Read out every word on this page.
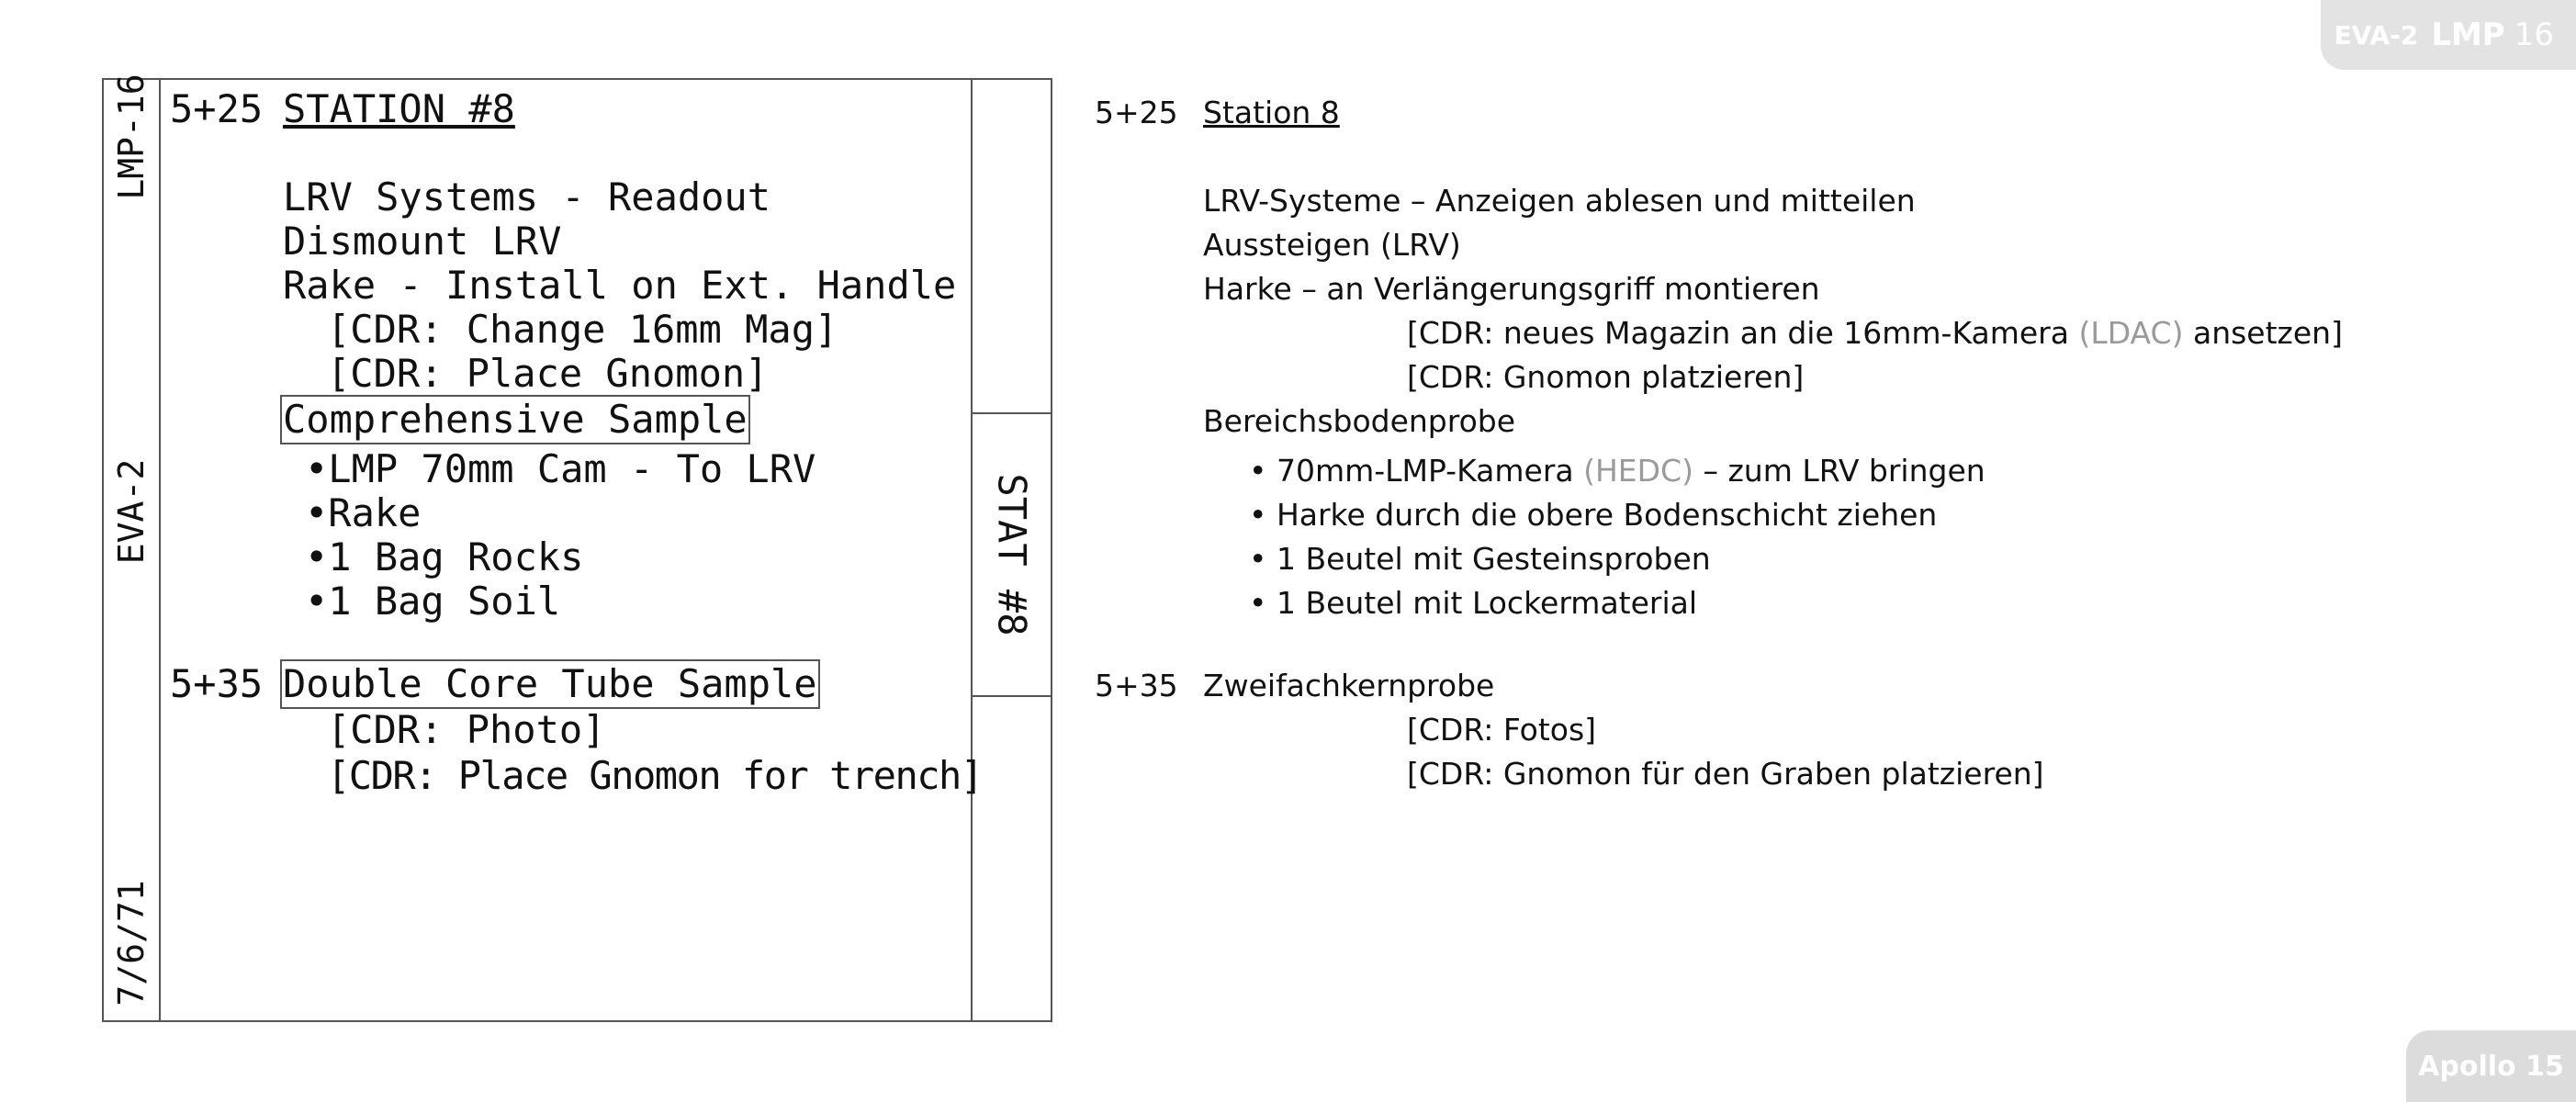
EVA-2 LMP 16
LMP-16
EVA-2
7/6/71
STAT #8
5+25 STATION #8
LRV Systems - Readout
Dismount LRV
Rake - Install on Ext. Handle
[CDR: Change 16mm Mag]
[CDR: Place Gnomon]
Comprehensive Sample
•LMP 70mm Cam - To LRV
•Rake
•1 Bag Rocks
•1 Bag Soil
5+35 Double Core Tube Sample
[CDR: Photo]
[CDR: Place Gnomon for trench]
5+25 Station 8
LRV-Systeme – Anzeigen ablesen und mitteilen
Aussteigen (LRV)
Harke – an Verlängerungsgriff montieren
[CDR: neues Magazin an die 16mm-Kamera (LDAC) ansetzen]
[CDR: Gnomon platzieren]
Bereichsbodenprobe
• 70mm-LMP-Kamera (HEDC) – zum LRV bringen
• Harke durch die obere Bodenschicht ziehen
• 1 Beutel mit Gesteinsproben
• 1 Beutel mit Lockermaterial
5+35 Zweifachkernprobe
[CDR: Fotos]
[CDR: Gnomon für den Graben platzieren]
Apollo 15
